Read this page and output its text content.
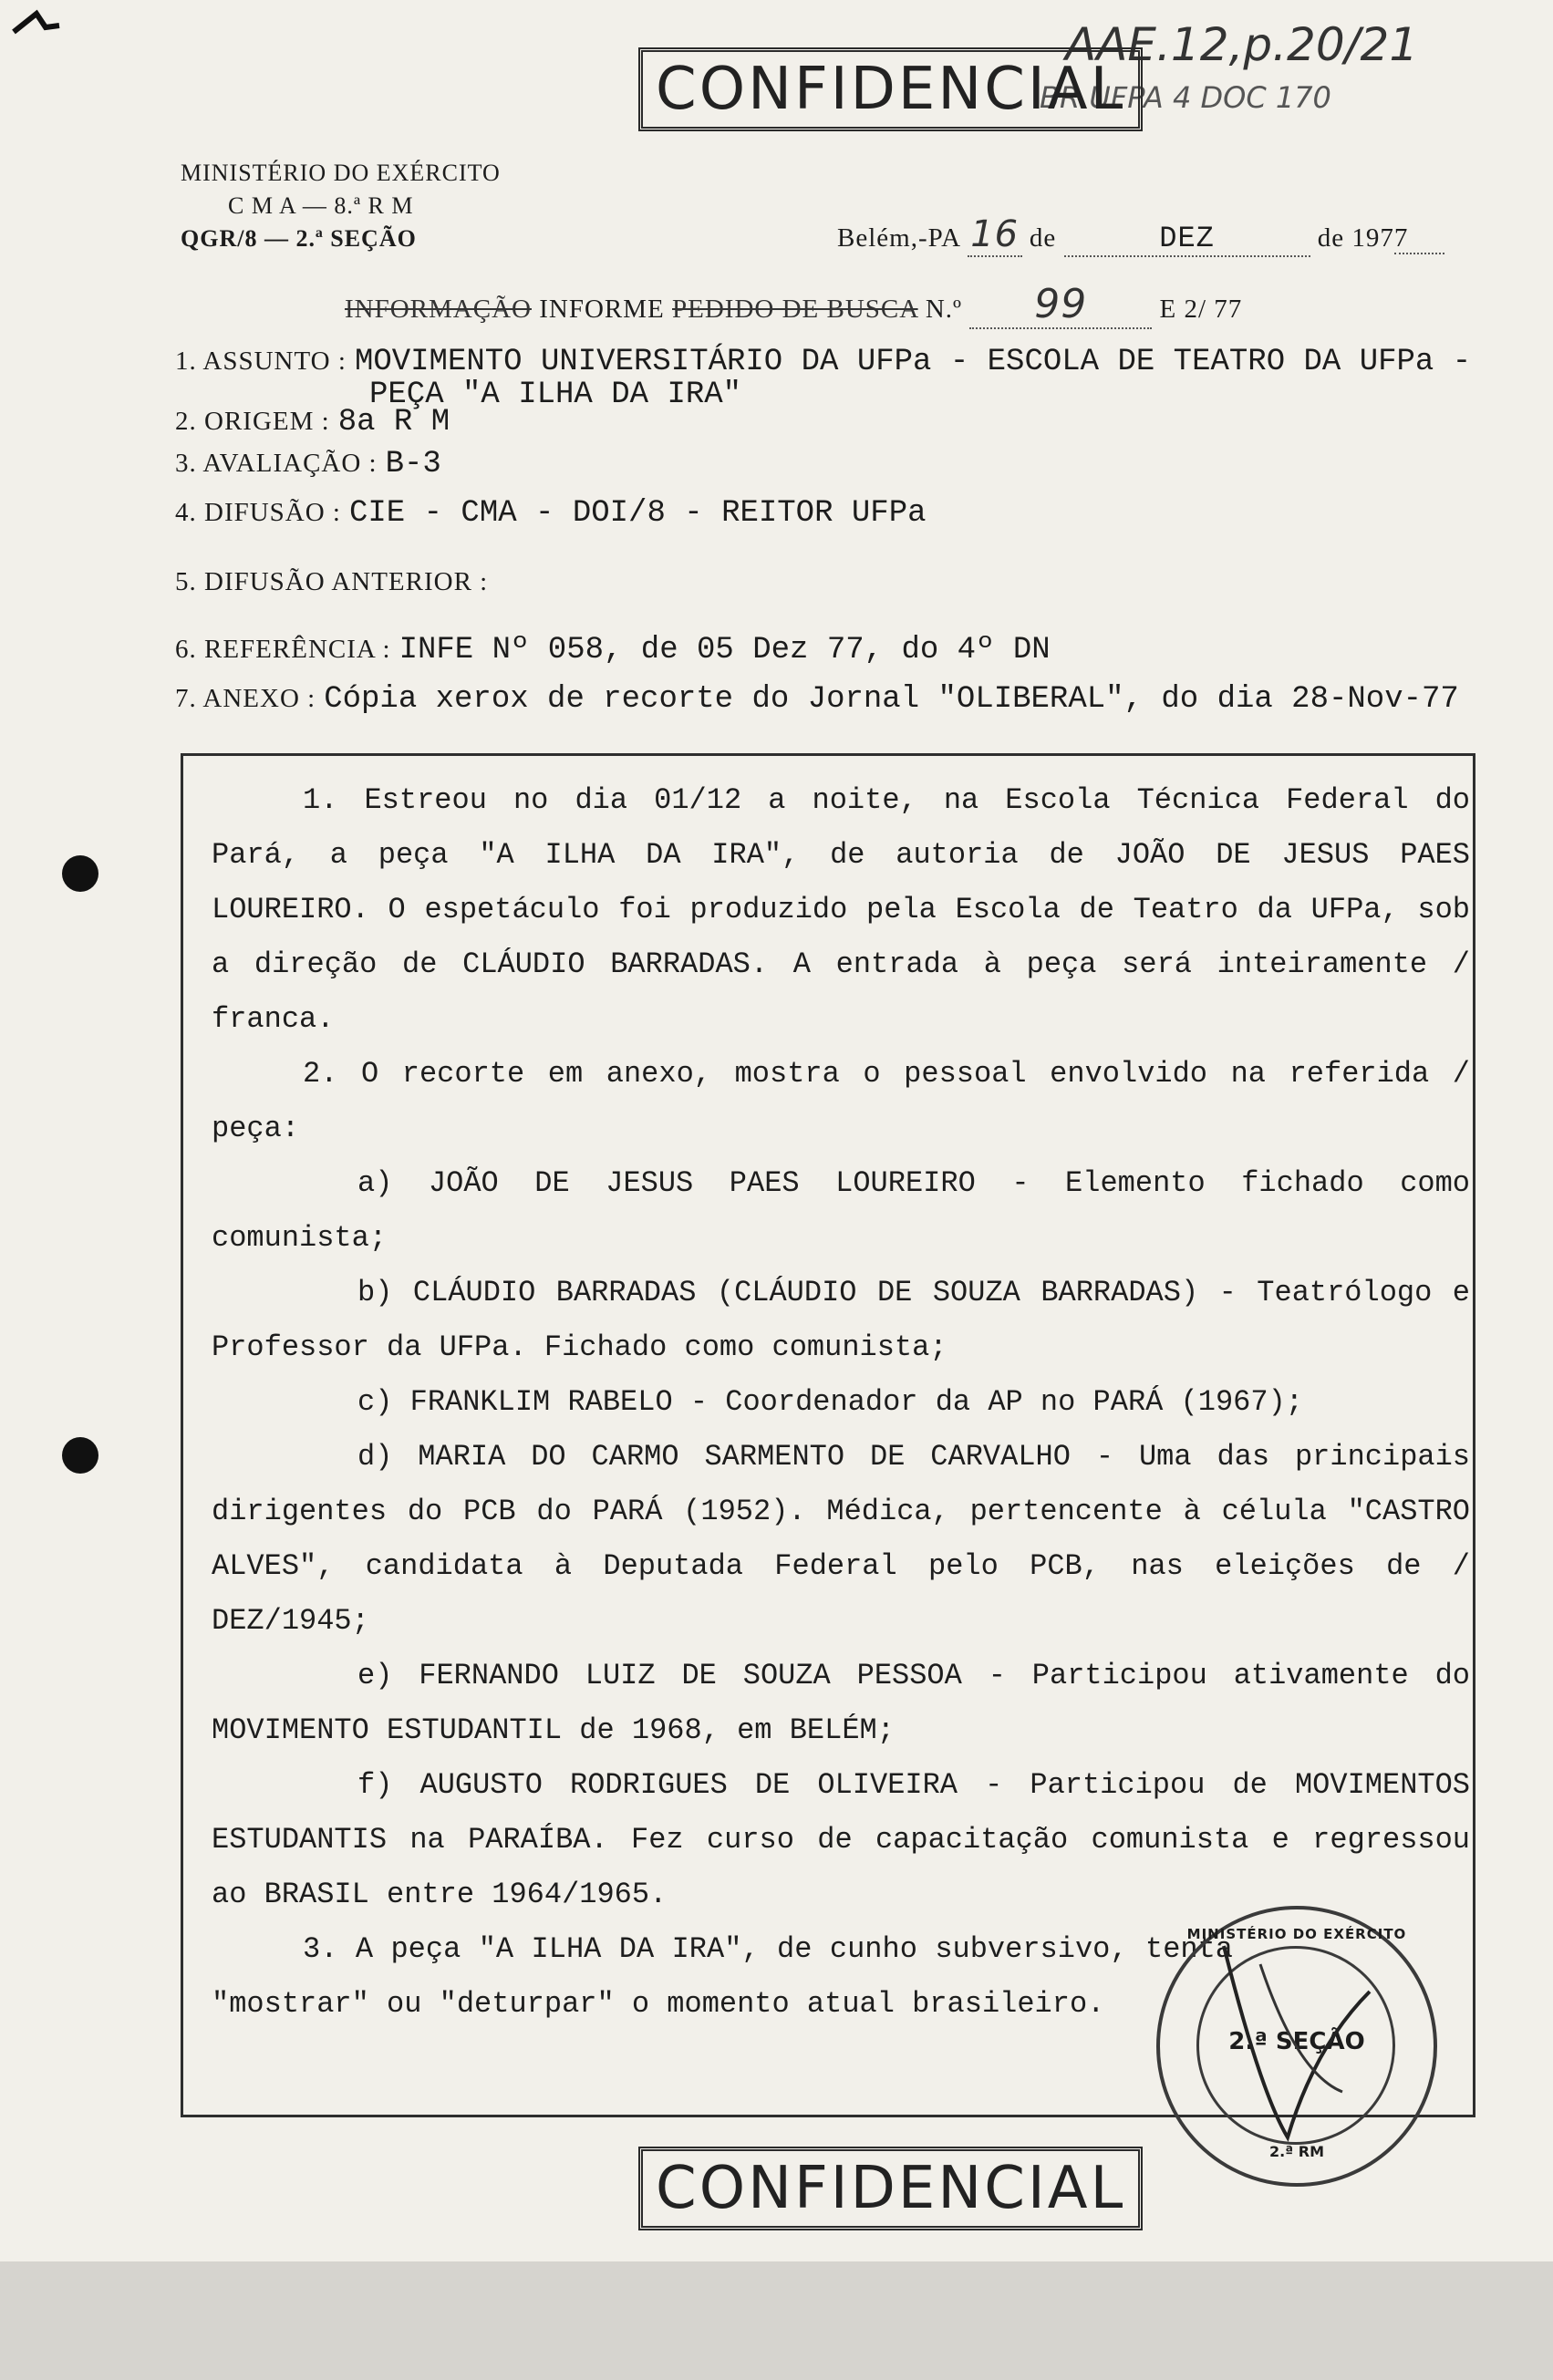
AAE.12,p.20/21
BR UFPA 4 DOC 170
CONFIDENCIAL
MINISTÉRIO DO EXÉRCITO
C M A — 8.ª R M
QGR/8 — 2.ª SEÇÃO	Belém,-PA 16 de	DEZ	de 1977
INFORMAÇÃO INFORME PEDIDO DE BUSCA N.º 99	E 2/ 77
1. ASSUNTO : MOVIMENTO UNIVERSITÁRIO DA UFPa - ESCOLA DE TEATRO DA UFPa -
PEÇA "A ILHA DA IRA"
2. ORIGEM : 8a R M
3. AVALIAÇÃO : B-3
4. DIFUSÃO : CIE - CMA - DOI/8 - REITOR UFPa
5. DIFUSÃO ANTERIOR :
6. REFERÊNCIA : INFE Nº 058, de 05 Dez 77, do 4º DN
7. ANEXO : Cópia xerox de recorte do Jornal "OLIBERAL", do dia 28-Nov-77

1. Estreou no dia 01/12 a noite, na Escola Técnica Federal do Pará, a peça "A ILHA DA IRA", de autoria de JOÃO DE JESUS PAES LOUREIRO. O espetáculo foi produzido pela Escola de Teatro da UFPa, sob a direção de CLÁUDIO BARRADAS. A entrada à peça será inteiramente / franca.

2. O recorte em anexo, mostra o pessoal envolvido na referida / peça:

a) JOÃO DE JESUS PAES LOUREIRO - Elemento fichado como comunista;

b) CLÁUDIO BARRADAS (CLÁUDIO DE SOUZA BARRADAS) - Teatrólogo e Professor da UFPa. Fichado como comunista;

c) FRANKLIM RABELO - Coordenador da AP no PARÁ (1967);

d) MARIA DO CARMO SARMENTO DE CARVALHO - Uma das principais dirigentes do PCB do PARÁ (1952). Médica, pertencente à célula "CASTRO ALVES", candidata à Deputada Federal pelo PCB, nas eleições de / DEZ/1945;

e) FERNANDO LUIZ DE SOUZA PESSOA - Participou ativamente do MOVIMENTO ESTUDANTIL de 1968, em BELÉM;

f) AUGUSTO RODRIGUES DE OLIVEIRA - Participou de MOVIMENTOS ESTUDANTIS na PARAÍBA. Fez curso de capacitação comunista e regressou ao BRASIL entre 1964/1965.

3. A peça "A ILHA DA IRA", de cunho subversivo, tenta "mostrar" ou "deturpar" o momento atual brasileiro.

MINISTÉRIO DO EXÉRCITO
2.ª SEÇÃO
2.ª RM
CONFIDENCIAL
